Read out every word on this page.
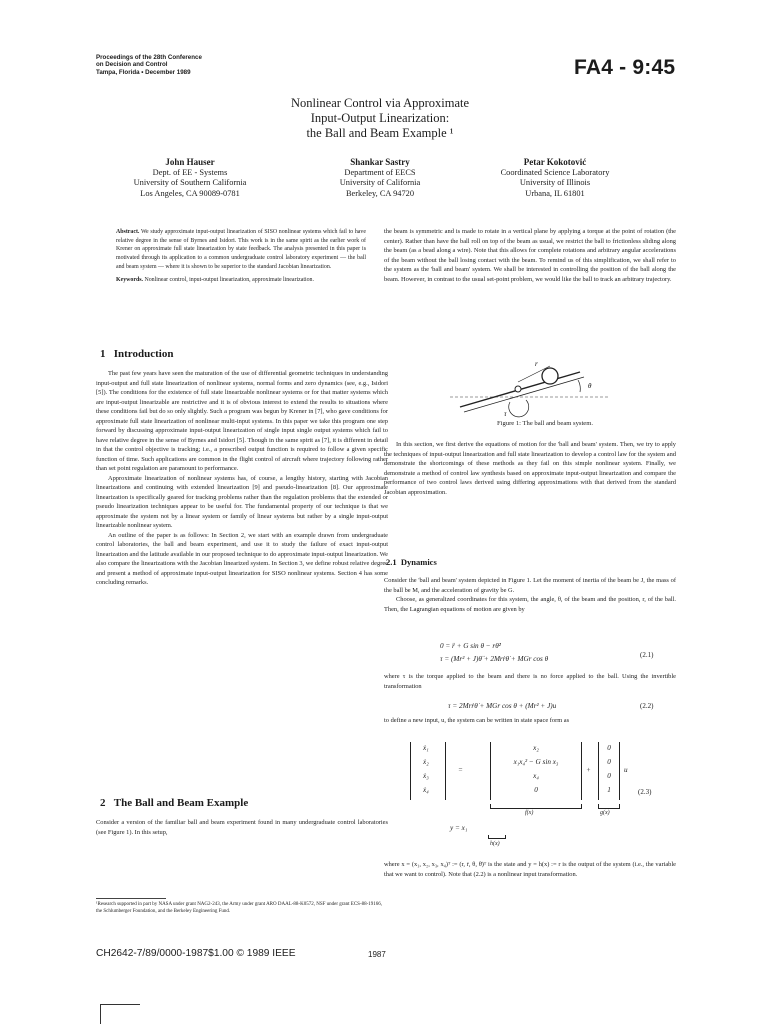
Proceedings of the 28th Conference
on Decision and Control
Tampa, Florida • December 1989	FA4 - 9:45
Nonlinear Control via Approximate
Input-Output Linearization:
the Ball and Beam Example ¹
John Hauser
Dept. of EE - Systems
University of Southern California
Los Angeles, CA 90089-0781
Shankar Sastry
Department of EECS
University of California
Berkeley, CA 94720
Petar Kokotović
Coordinated Science Laboratory
University of Illinois
Urbana, IL 61801

Abstract. We study approximate input-output linearization of SISO nonlinear systems which fail to have relative degree in the sense of Byrnes and Isidori. This work is in the same spirit as the earlier work of Krener on approximate full state linearization by state feedback. The analysis presented in this paper is motivated through its application to a common undergraduate control laboratory experiment — the ball and beam system — where it is shown to be superior to the standard Jacobian linearization.

Keywords. Nonlinear control, input-output linearization, approximate linearization.

1 Introduction

The past few years have seen the maturation of the use of differential geometric techniques in understanding input-output and full state linearization of nonlinear systems, normal forms and zero dynamics (see, e.g., Isidori [5]). The conditions for the existence of full state linearizable nonlinear systems or for that matter systems which are input-output linearizable are restrictive and it is of obvious interest to extend the results to situations where these conditions fail but do so only slightly. Such a program was begun by Krener in [7], who gave conditions for approximate full state linearization of nonlinear multi-input systems. In this paper we take this program one step forward by discussing approximate input-output linearization of single input single output systems which fail to have relative degree in the sense of Byrnes and Isidori [5]. Though in the same spirit as [7], it is different in detail in that the control objective is tracking; i.e., a prescribed output function is required to follow a given specific function of time. Such applications are common in the flight control of aircraft where trajectory following rather than set point regulation are paramount to performance.

Approximate linearization of nonlinear systems has, of course, a lengthy history, starting with Jacobian linearizations and continuing with extended linearization [9] and pseudo-linearization [8]. Our approximate linearization is specifically geared for tracking problems rather than the regulation problems that the extended or pseudo linearization techniques appear to be useful for. The fundamental property of our technique is that we approximate the system not by a linear system or family of linear systems but rather by a single input-output linearizable nonlinear system.

An outline of the paper is as follows: In Section 2, we start with an example drawn from undergraduate control laboratories, the ball and beam experiment, and use it to study the failure of exact input-output linearization and the latitude available in our proposed technique to do approximate input-output linearization. We also compare the linearizations with the Jacobian linearized system. In Section 3, we define robust relative degree and present a method of approximate input-output linearization for SISO nonlinear systems. Section 4 has some concluding remarks.

2 The Ball and Beam Example

Consider a version of the familiar ball and beam experiment found in many undergraduate control laboratories (see Figure 1). In this setup,

¹Research supported in part by NASA under grant NAG2-243, the Army under grant ARO DAAL-88-K0572, NSF under grant ECS-88-19166, the Schlumberger Foundation, and the Berkeley Engineering Fund.

the beam is symmetric and is made to rotate in a vertical plane by applying a torque at the point of rotation (the center). Rather than have the ball roll on top of the beam as usual, we restrict the ball to frictionless sliding along the beam (as a bead along a wire). Note that this allows for complete rotations and arbitrary angular accelerations of the beam without the ball losing contact with the beam. To remind us of this simplification, we shall refer to the system as the 'ball and beam' system. We shall be interested in controlling the position of the ball along the beam. However, in contrast to the usual set-point problem, we would like the ball to track an arbitrary trajectory.

r
θ
τ
Figure 1: The ball and beam system.

In this section, we first derive the equations of motion for the 'ball and beam' system. Then, we try to apply the techniques of input-output linearization and full state linearization to develop a control law for the system and demonstrate the shortcomings of these methods as they fail on this simple nonlinear system. Finally, we demonstrate a method of control law synthesis based on approximate input-output linearization and compare the performance of two control laws derived using differing approximations with that derived from the standard Jacobian approximation.

2.1 Dynamics

Consider the 'ball and beam' system depicted in Figure 1. Let the moment of inertia of the beam be J, the mass of the ball be M, and the acceleration of gravity be G.

Choose, as generalized coordinates for this system, the angle, θ, of the beam and the position, r, of the ball. Then, the Lagrangian equations of motion are given by

0 = r̈ + G sin θ − rθ̇²
τ = (Mr² + J)θ̈ + 2Mrṙθ̇ + MGr cos θ	(2.1)

where τ is the torque applied to the beam and there is no force applied to the ball. Using the invertible transformation

τ = 2Mrṙθ̇ + MGr cos θ + (Mr² + J)u	(2.2)

to define a new input, u, the system can be written in state space form as

ẋ₁
ẋ₂
ẋ₃
ẋ₄
=
x₂
x₁x₄² − G sin x₃
x₄
0
+
0
0
0
1
u
(2.3)
f(x)	g(x)
y = x₁
h(x)

where x = (x₁, x₂, x₃, x₄)ᵀ := (r, ṙ, θ, θ̇)ᵀ is the state and y = h(x) := r is the output of the system (i.e., the variable that we want to control). Note that (2.2) is a nonlinear input transformation.

CH2642-7/89/0000-1987$1.00 © 1989 IEEE	1987
